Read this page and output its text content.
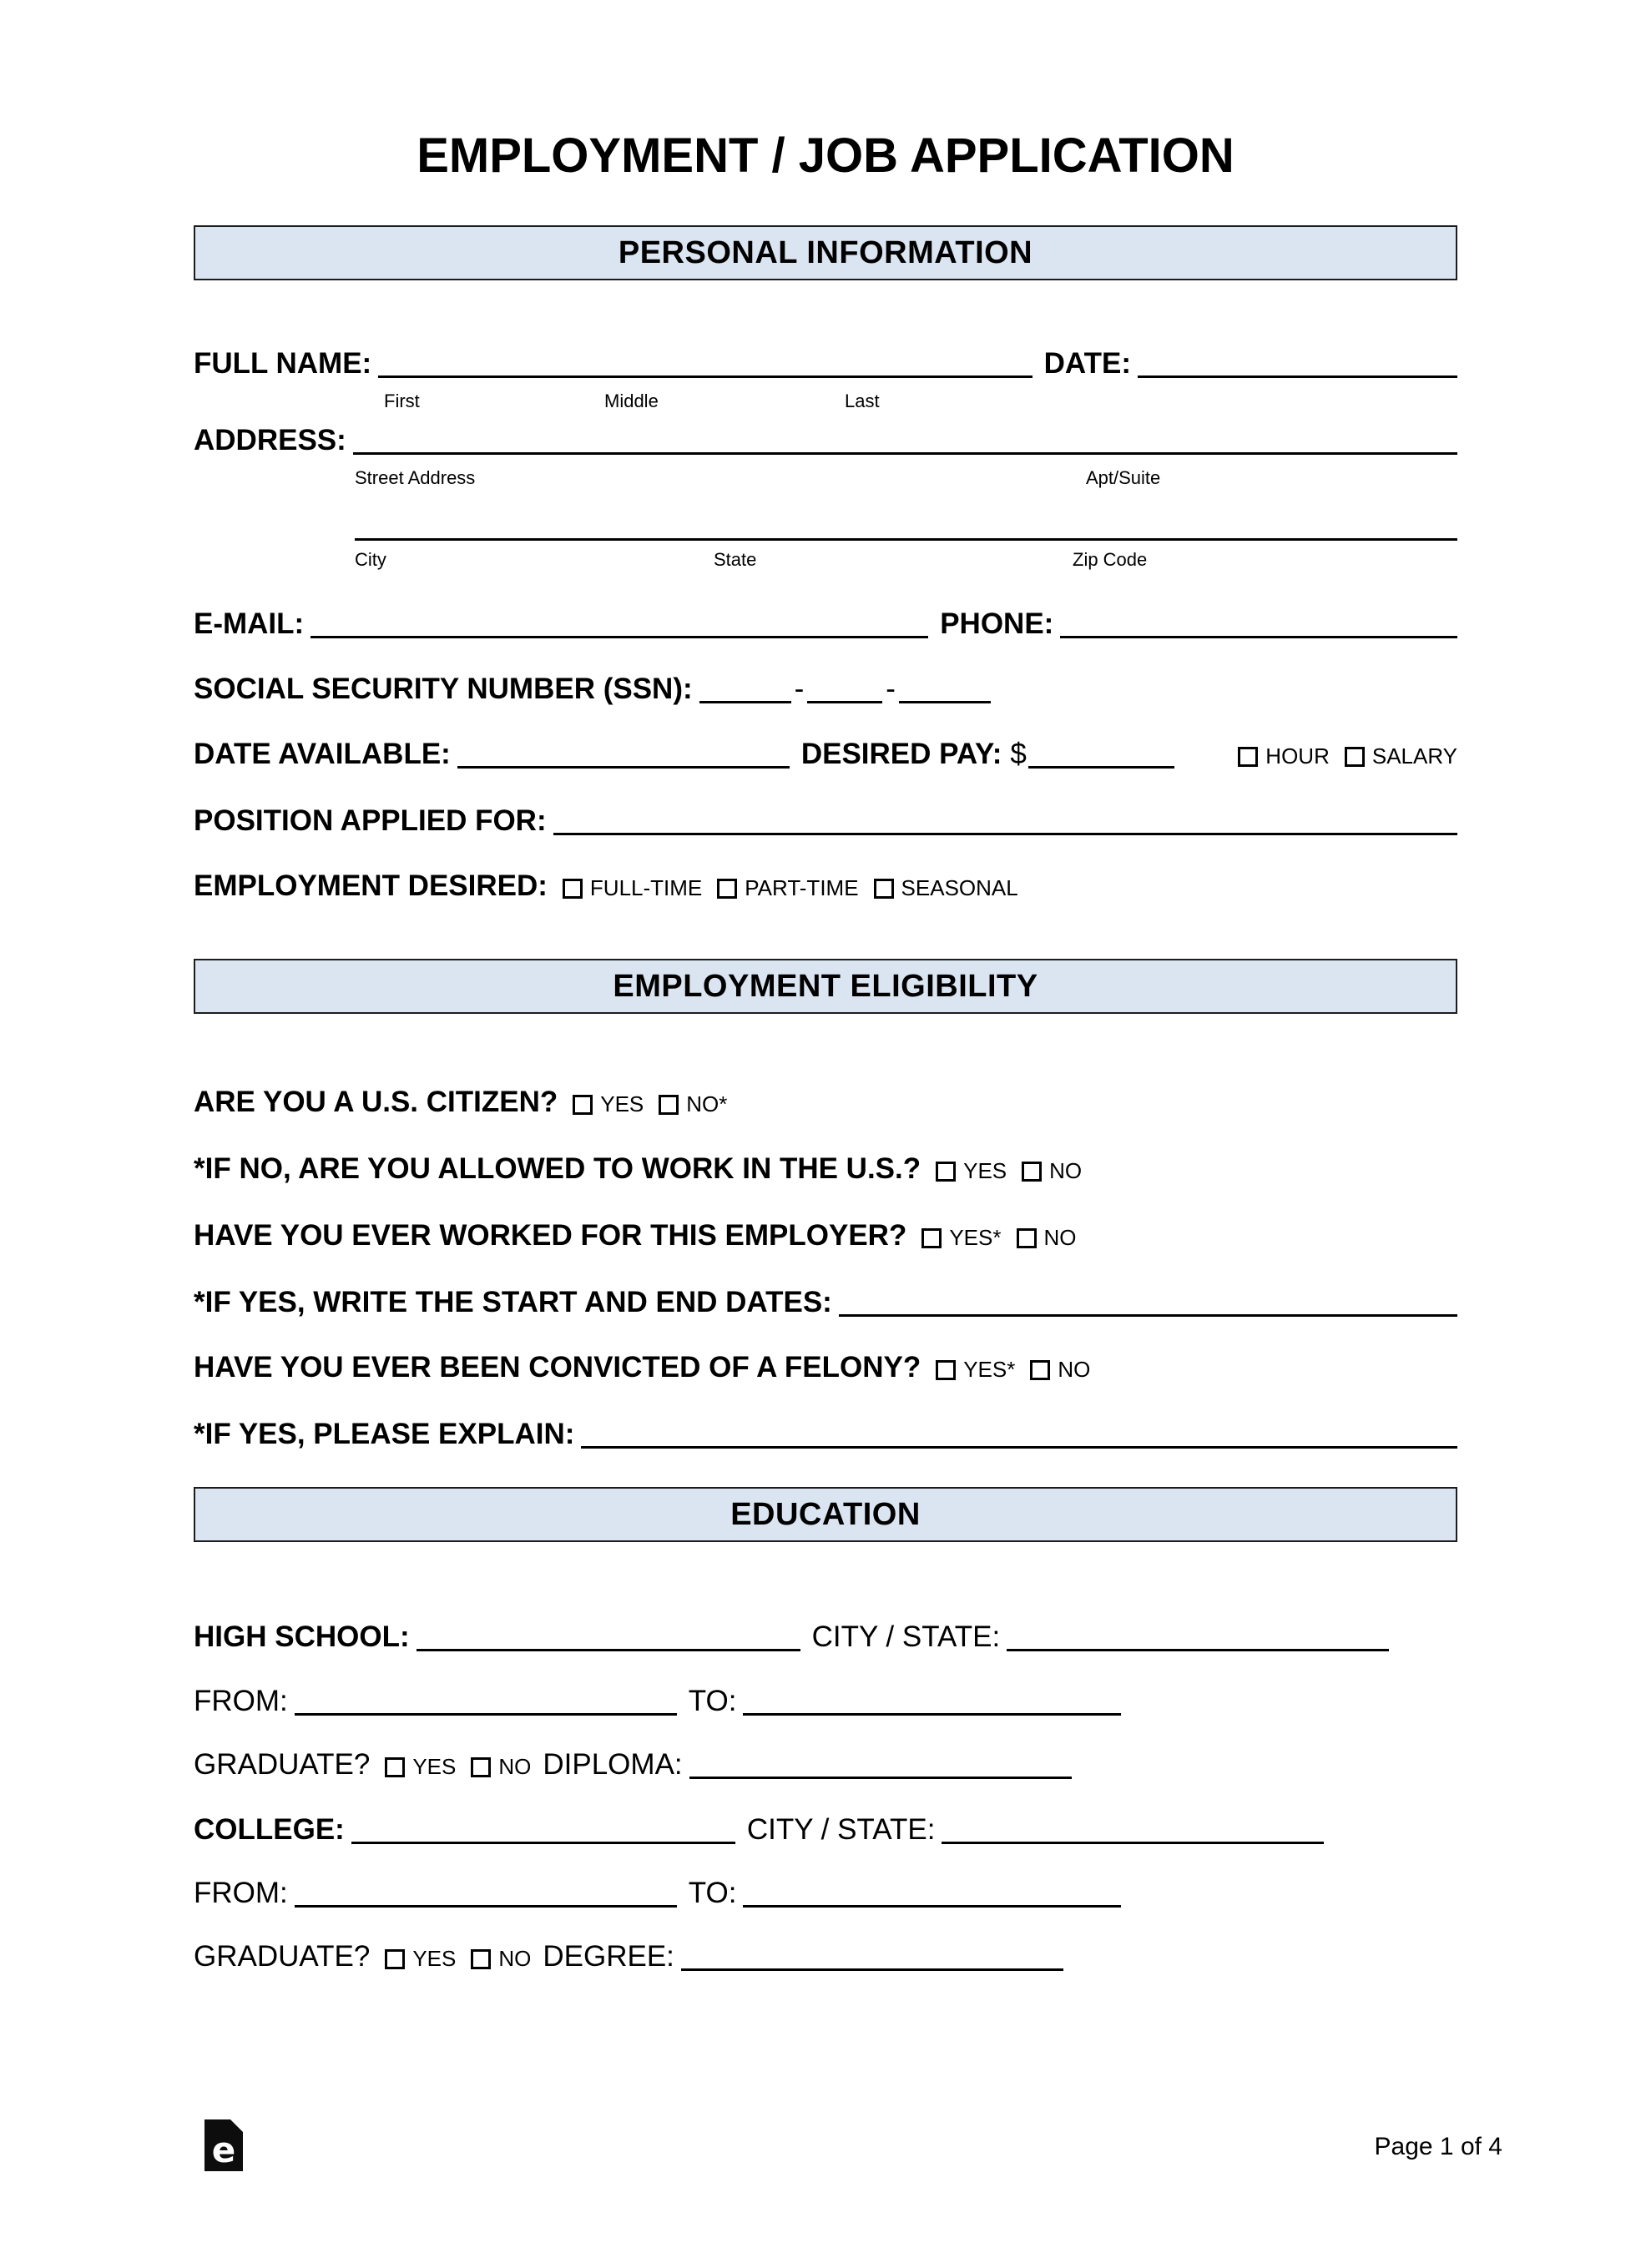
EMPLOYMENT / JOB APPLICATION
PERSONAL INFORMATION
FULL NAME:	DATE:
First	Middle	Last
ADDRESS:
Street Address	Apt/Suite
City	State	Zip Code
E-MAIL:	PHONE:
SOCIAL SECURITY NUMBER (SSN):	-	-
DATE AVAILABLE:	DESIRED PAY: $	HOUR	SALARY
POSITION APPLIED FOR:
EMPLOYMENT DESIRED:	FULL-TIME	PART-TIME	SEASONAL
EMPLOYMENT ELIGIBILITY
ARE YOU A U.S. CITIZEN?	YES	NO*
*IF NO, ARE YOU ALLOWED TO WORK IN THE U.S.?	YES	NO
HAVE YOU EVER WORKED FOR THIS EMPLOYER?	YES*	NO
*IF YES, WRITE THE START AND END DATES:
HAVE YOU EVER BEEN CONVICTED OF A FELONY?	YES*	NO
*IF YES, PLEASE EXPLAIN:
EDUCATION
HIGH SCHOOL:	CITY / STATE:
FROM:	TO:
GRADUATE?	YES	NO DIPLOMA:
COLLEGE:	CITY / STATE:
FROM:	TO:
GRADUATE?	YES	NO DEGREE:
e	Page 1 of 4
